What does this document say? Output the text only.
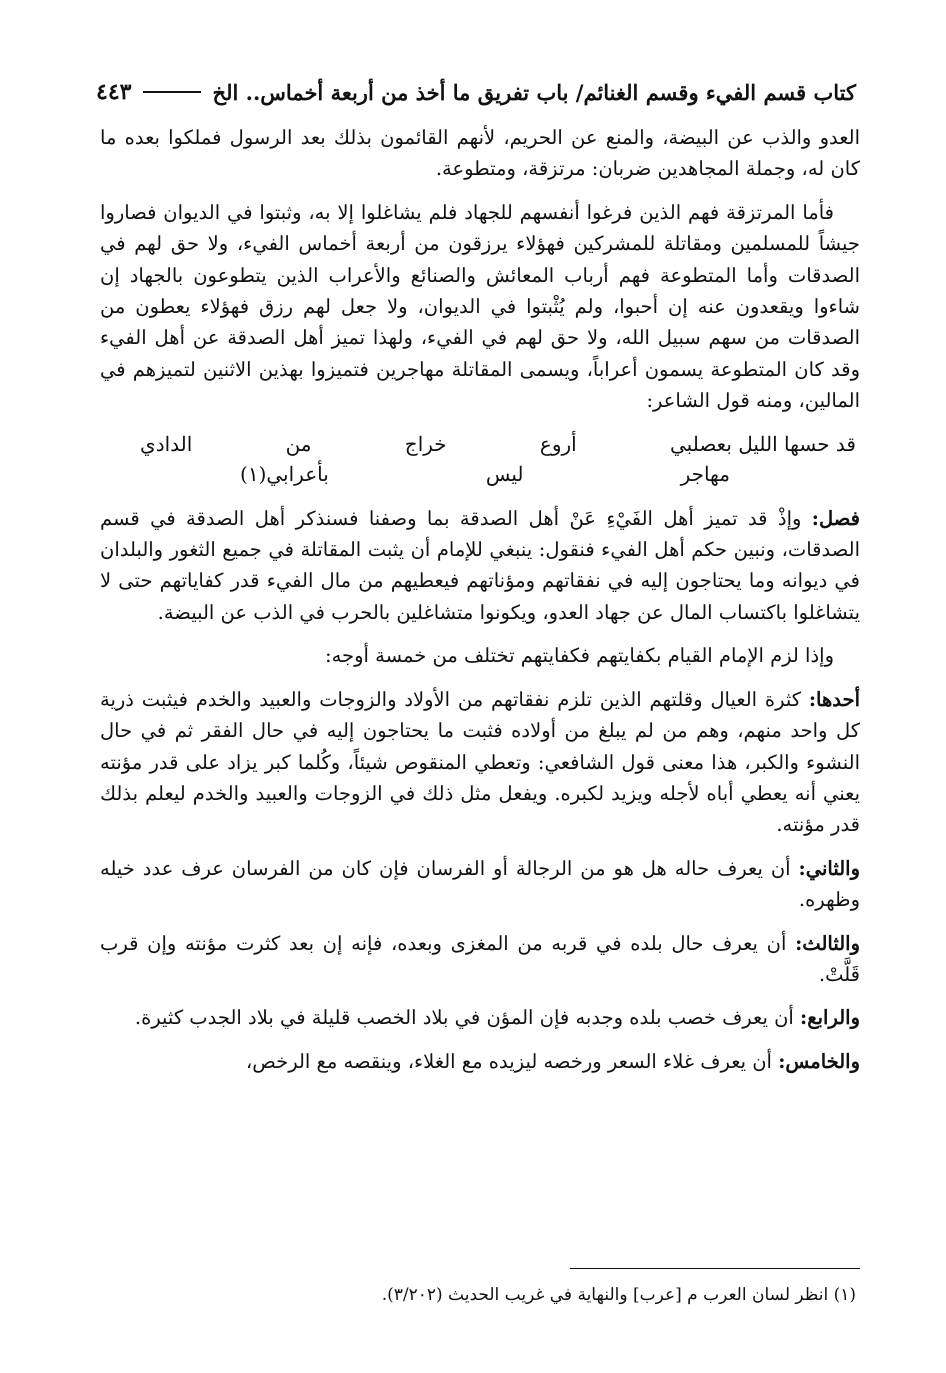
كتاب قسم الفيء وقسم الغنائم/ باب تفريق ما أخذ من أربعة أخماس.. الخ
٤٤٣

العدو والذب عن البيضة، والمنع عن الحريم، لأنهم القائمون بذلك بعد الرسول فملكوا بعده ما كان له، وجملة المجاهدين ضربان: مرتزقة، ومتطوعة.

فأما المرتزقة فهم الذين فرغوا أنفسهم للجهاد فلم يشاغلوا إلا به، وثبتوا في الديوان فصاروا جيشاً للمسلمين ومقاتلة للمشركين فهؤلاء يرزقون من أربعة أخماس الفيء، ولا حق لهم في الصدقات وأما المتطوعة فهم أرباب المعائش والصنائع والأعراب الذين يتطوعون بالجهاد إن شاءوا ويقعدون عنه إن أحبوا، ولم يُثْبتوا في الديوان، ولا جعل لهم رزق فهؤلاء يعطون من الصدقات من سهم سبيل الله، ولا حق لهم في الفيء، ولهذا تميز أهل الصدقة عن أهل الفيء وقد كان المتطوعة يسمون أعراباً، ويسمى المقاتلة مهاجرين فتميزوا بهذين الاثنين لتميزهم في المالين، ومنه قول الشاعر:

قد حسها الليل بعصلبي
أروع
خراج
من
الدادي
مهاجر
ليس
بأعرابي(١)

فصل: وإذْ قد تميز أهل الفَيْءِ عَنْ أهل الصدقة بما وصفنا فسنذكر أهل الصدقة في قسم الصدقات، ونبين حكم أهل الفيء فنقول: ينبغي للإمام أن يثبت المقاتلة في جميع الثغور والبلدان في ديوانه وما يحتاجون إليه في نفقاتهم ومؤناتهم فيعطيهم من مال الفيء قدر كفاياتهم حتى لا يتشاغلوا باكتساب المال عن جهاد العدو، ويكونوا متشاغلين بالحرب في الذب عن البيضة.

وإذا لزم الإمام القيام بكفايتهم فكفايتهم تختلف من خمسة أوجه:

أحدها: كثرة العيال وقلتهم الذين تلزم نفقاتهم من الأولاد والزوجات والعبيد والخدم فيثبت ذرية كل واحد منهم، وهم من لم يبلغ من أولاده فثبت ما يحتاجون إليه في حال الفقر ثم في حال النشوء والكبر، هذا معنى قول الشافعي: وتعطي المنقوص شيئاً، وكُلما كبر يزاد على قدر مؤنته يعني أنه يعطي أباه لأجله ويزيد لكبره. ويفعل مثل ذلك في الزوجات والعبيد والخدم ليعلم بذلك قدر مؤنته.

والثاني: أن يعرف حاله هل هو من الرجالة أو الفرسان فإن كان من الفرسان عرف عدد خيله وظهره.

والثالث: أن يعرف حال بلده في قربه من المغزى وبعده، فإنه إن بعد كثرت مؤنته وإن قرب قَلَّتْ.

والرابع: أن يعرف خصب بلده وجدبه فإن المؤن في بلاد الخصب قليلة في بلاد الجدب كثيرة.

والخامس: أن يعرف غلاء السعر ورخصه ليزيده مع الغلاء، وينقصه مع الرخص،

(١) انظر لسان العرب م [عرب] والنهاية في غريب الحديث (٣/٢٠٢).
